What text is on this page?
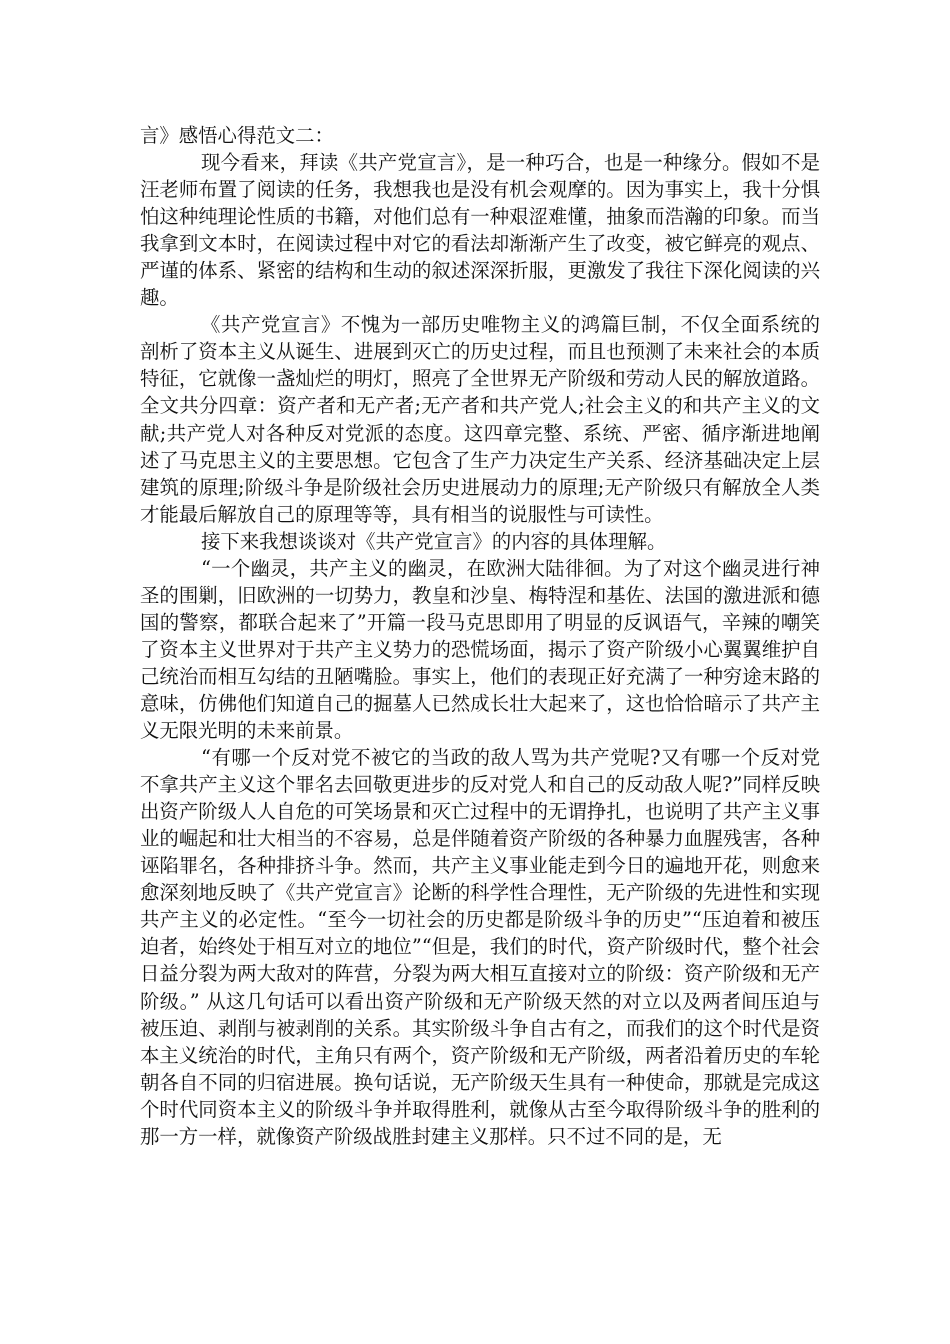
言》感悟心得范文二：

现今看来，拜读《共产党宣言》，是一种巧合，也是一种缘分。假如不是汪老师布置了阅读的任务，我想我也是没有机会观摩的。因为事实上，我十分惧怕这种纯理论性质的书籍，对他们总有一种艰涩难懂，抽象而浩瀚的印象。而当我拿到文本时，在阅读过程中对它的看法却渐渐产生了改变，被它鲜亮的观点、严谨的体系、紧密的结构和生动的叙述深深折服，更激发了我往下深化阅读的兴趣。

《共产党宣言》不愧为一部历史唯物主义的鸿篇巨制，不仅全面系统的剖析了资本主义从诞生、进展到灭亡的历史过程，而且也预测了未来社会的本质特征，它就像一盏灿烂的明灯，照亮了全世界无产阶级和劳动人民的解放道路。全文共分四章：资产者和无产者;无产者和共产党人;社会主义的和共产主义的文献;共产党人对各种反对党派的态度。这四章完整、系统、严密、循序渐进地阐述了马克思主义的主要思想。它包含了生产力决定生产关系、经济基础决定上层建筑的原理;阶级斗争是阶级社会历史进展动力的原理;无产阶级只有解放全人类才能最后解放自己的原理等等，具有相当的说服性与可读性。

接下来我想谈谈对《共产党宣言》的内容的具体理解。

“一个幽灵，共产主义的幽灵，在欧洲大陆徘徊。为了对这个幽灵进行神圣的围剿，旧欧洲的一切势力，教皇和沙皇、梅特涅和基佐、法国的激进派和德国的警察，都联合起来了”开篇一段马克思即用了明显的反讽语气，辛辣的嘲笑了资本主义世界对于共产主义势力的恐慌场面，揭示了资产阶级小心翼翼维护自己统治而相互勾结的丑陋嘴脸。事实上，他们的表现正好充满了一种穷途末路的意味，仿佛他们知道自己的掘墓人已然成长壮大起来了，这也恰恰暗示了共产主义无限光明的未来前景。

“有哪一个反对党不被它的当政的敌人骂为共产党呢?又有哪一个反对党不拿共产主义这个罪名去回敬更进步的反对党人和自己的反动敌人呢?”同样反映出资产阶级人人自危的可笑场景和灭亡过程中的无谓挣扎，也说明了共产主义事业的崛起和壮大相当的不容易，总是伴随着资产阶级的各种暴力血腥残害，各种诬陷罪名，各种排挤斗争。然而，共产主义事业能走到今日的遍地开花，则愈来愈深刻地反映了《共产党宣言》论断的科学性合理性，无产阶级的先进性和实现共产主义的必定性。“至今一切社会的历史都是阶级斗争的历史”“压迫着和被压迫者，始终处于相互对立的地位”“但是，我们的时代，资产阶级时代，整个社会日益分裂为两大敌对的阵营，分裂为两大相互直接对立的阶级：资产阶级和无产阶级。” 从这几句话可以看出资产阶级和无产阶级天然的对立以及两者间压迫与被压迫、剥削与被剥削的关系。其实阶级斗争自古有之，而我们的这个时代是资本主义统治的时代，主角只有两个，资产阶级和无产阶级，两者沿着历史的车轮朝各自不同的归宿进展。换句话说，无产阶级天生具有一种使命，那就是完成这个时代同资本主义的阶级斗争并取得胜利，就像从古至今取得阶级斗争的胜利的那一方一样，就像资产阶级战胜封建主义那样。只不过不同的是，无
